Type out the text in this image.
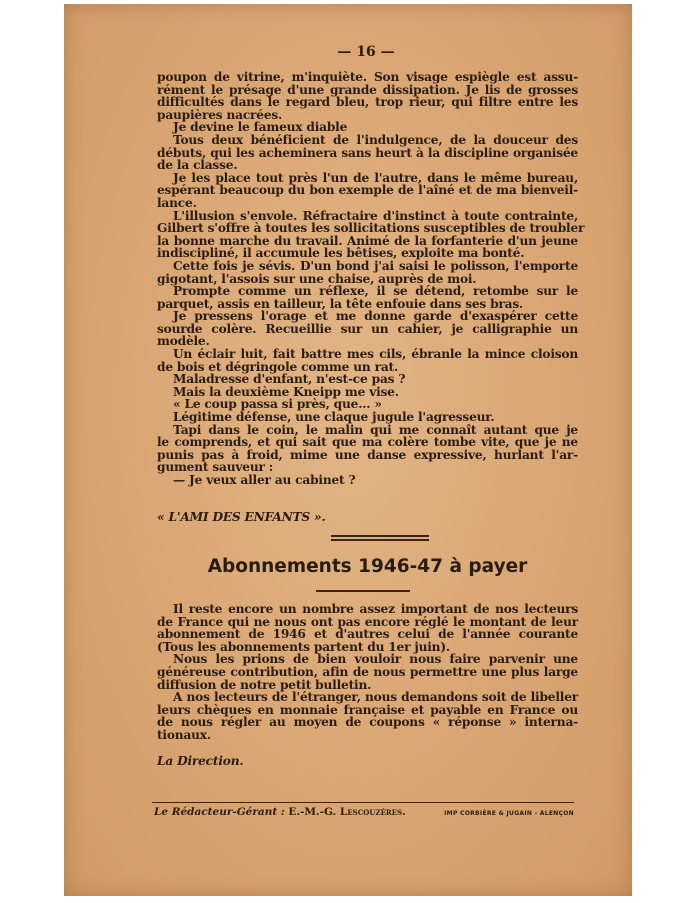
— 16 —
poupon de vitrine, m'inquiète. Son visage espiègle est assu-
rément le présage d'une grande dissipation. Je lis de grosses
difficultés dans le regard bleu, trop rieur, qui filtre entre les
paupières nacrées.
Je devine le fameux diable
Tous deux bénéficient de l'indulgence, de la douceur des
débuts, qui les acheminera sans heurt à la discipline organisée
de la classe.
Je les place tout près l'un de l'autre, dans le même bureau,
espérant beaucoup du bon exemple de l'aîné et de ma bienveil-
lance.
L'illusion s'envole. Réfractaire d'instinct à toute contrainte,
Gilbert s'offre à toutes les sollicitations susceptibles de troubler
la bonne marche du travail. Animé de la forfanterie d'un jeune
indiscipliné, il accumule les bêtises, exploite ma bonté.
Cette fois je sévis. D'un bond j'ai saisi le polisson, l'emporte
gigotant, l'assois sur une chaise, auprès de moi.
Prompte comme un réflexe, il se détend, retombe sur le
parquet, assis en tailleur, la tête enfouie dans ses bras.
Je pressens l'orage et me donne garde d'exaspérer cette
sourde colère. Recueillie sur un cahier, je calligraphie un
modèle.
Un éclair luit, fait battre mes cils, ébranle la mince cloison
de bois et dégringole comme un rat.
Maladresse d'enfant, n'est-ce pas ?
Mais la deuxième Kneipp me vise.
« Le coup passa si près, que... »
Légitime défense, une claque jugule l'agresseur.
Tapi dans le coin, le malin qui me connaît autant que je
le comprends, et qui sait que ma colère tombe vite, que je ne
punis pas à froid, mime une danse expressive, hurlant l'ar-
gument sauveur :
— Je veux aller au cabinet ?
« L'AMI DES ENFANTS ».
Abonnements 1946-47 à payer
Il reste encore un nombre assez important de nos lecteurs
de France qui ne nous ont pas encore réglé le montant de leur
abonnement de 1946 et d'autres celui de l'année courante
(Tous les abonnements partent du 1er juin).
Nous les prions de bien vouloir nous faire parvenir une
généreuse contribution, afin de nous permettre une plus large
diffusion de notre petit bulletin.
A nos lecteurs de l'étranger, nous demandons soit de libeller
leurs chèques en monnaie française et payable en France ou
de nous régler au moyen de coupons « réponse » interna-
tionaux.
La Direction.
Le Rédacteur-Gérant : E.-M.-G. Lescouzères.	IMP CORBIÈRE & JUGAIN - ALENÇON
